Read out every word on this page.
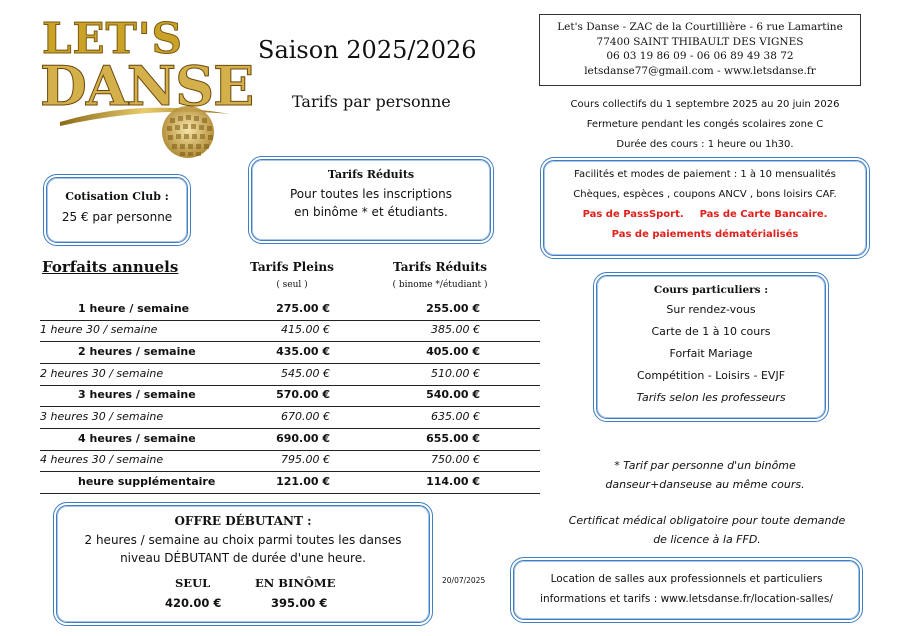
LET'S
DANSE
Saison 2025/2026
Tarifs par personne
Let's Danse - ZAC de la Courtillière - 6 rue Lamartine
77400 SAINT THIBAULT DES VIGNES
06 03 19 86 09 - 06 06 89 49 38 72
letsdanse77@gmail.com - www.letsdanse.fr
Cours collectifs du 1 septembre 2025 au 20 juin 2026
Fermeture pendant les congés scolaires zone C
Durée des cours : 1 heure ou 1h30.
Cotisation Club :
25 € par personne
Tarifs Réduits
Pour toutes les inscriptions
en binôme * et étudiants.
Facilités et modes de paiement : 1 à 10 mensualités
Chèques, espèces , coupons ANCV , bons loisirs CAF.
Pas de PassSport. Pas de Carte Bancaire.
Pas de paiements dématérialisés
Forfaits annuels	Tarifs Pleins
( seul )
Tarifs Réduits
( binome */étudiant )
1 heure / semaine	275.00 €	255.00 €
1 heure 30 / semaine	415.00 €	385.00 €
2 heures / semaine	435.00 €	405.00 €
2 heures 30 / semaine	545.00 €	510.00 €
3 heures / semaine	570.00 €	540.00 €
3 heures 30 / semaine	670.00 €	635.00 €
4 heures / semaine	690.00 €	655.00 €
4 heures 30 / semaine	795.00 €	750.00 €
heure supplémentaire	121.00 €	114.00 €
Cours particuliers :
Sur rendez-vous
Carte de 1 à 10 cours
Forfait Mariage
Compétition - Loisirs - EVJF
Tarifs selon les professeurs
* Tarif par personne d'un binôme
danseur+danseuse au même cours.
Certificat médical obligatoire pour toute demande
de licence à la FFD.
OFFRE DÉBUTANT :
2 heures / semaine au choix parmi toutes les danses
niveau DÉBUTANT de durée d'une heure.
SEUL	EN BINÔME
420.00 €	395.00 €
20/07/2025	Location de salles aux professionnels et particuliers
informations et tarifs : www.letsdanse.fr/location-salles/
